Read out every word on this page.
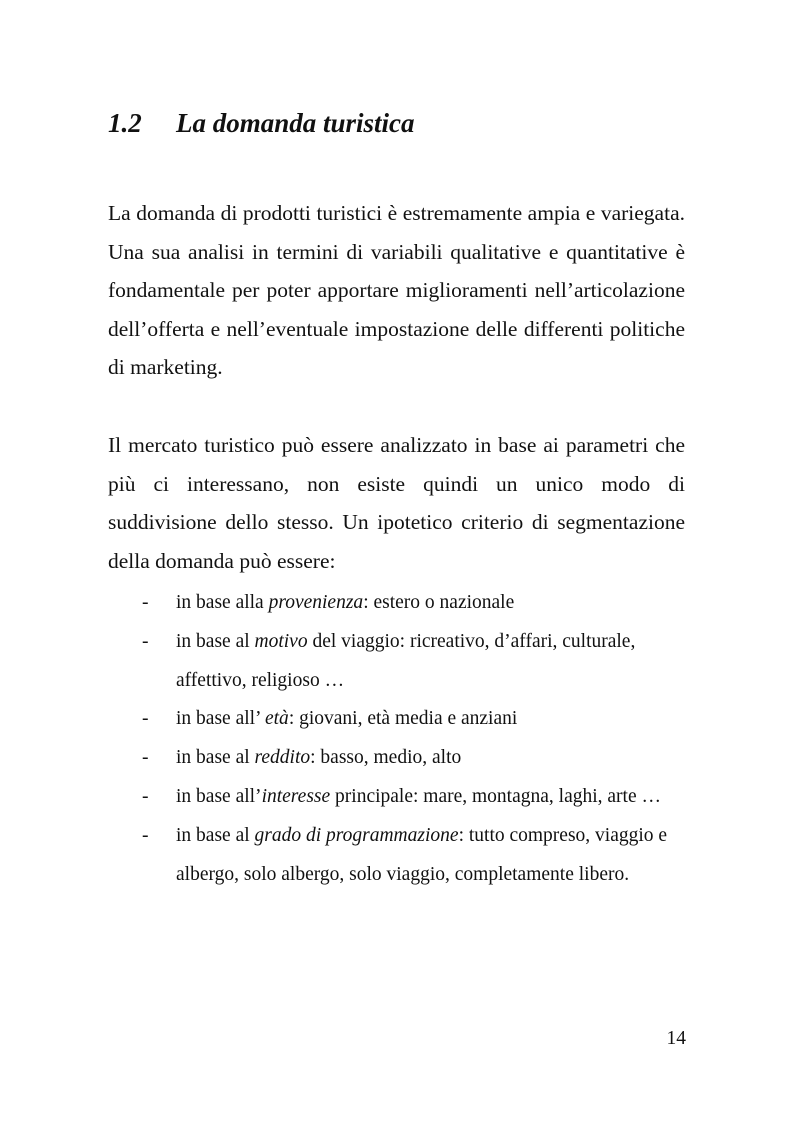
1.2 La domanda turistica

La domanda di prodotti turistici è estremamente ampia e variegata. Una sua analisi in termini di variabili qualitative e quantitative è fondamentale per poter apportare miglioramenti nell’articolazione dell’offerta e nell’eventuale impostazione delle differenti politiche di marketing.

Il mercato turistico può essere analizzato in base ai parametri che più ci interessano, non esiste quindi un unico modo di suddivisione dello stesso. Un ipotetico criterio di segmentazione della domanda può essere:

- in base alla provenienza: estero o nazionale
- in base al motivo del viaggio: ricreativo, d’affari, culturale, affettivo, religioso …
- in base all’ età: giovani, età media e anziani
- in base al reddito: basso, medio, alto
- in base all’interesse principale: mare, montagna, laghi, arte …
- in base al grado di programmazione: tutto compreso, viaggio e albergo, solo albergo, solo viaggio, completamente libero.
14
